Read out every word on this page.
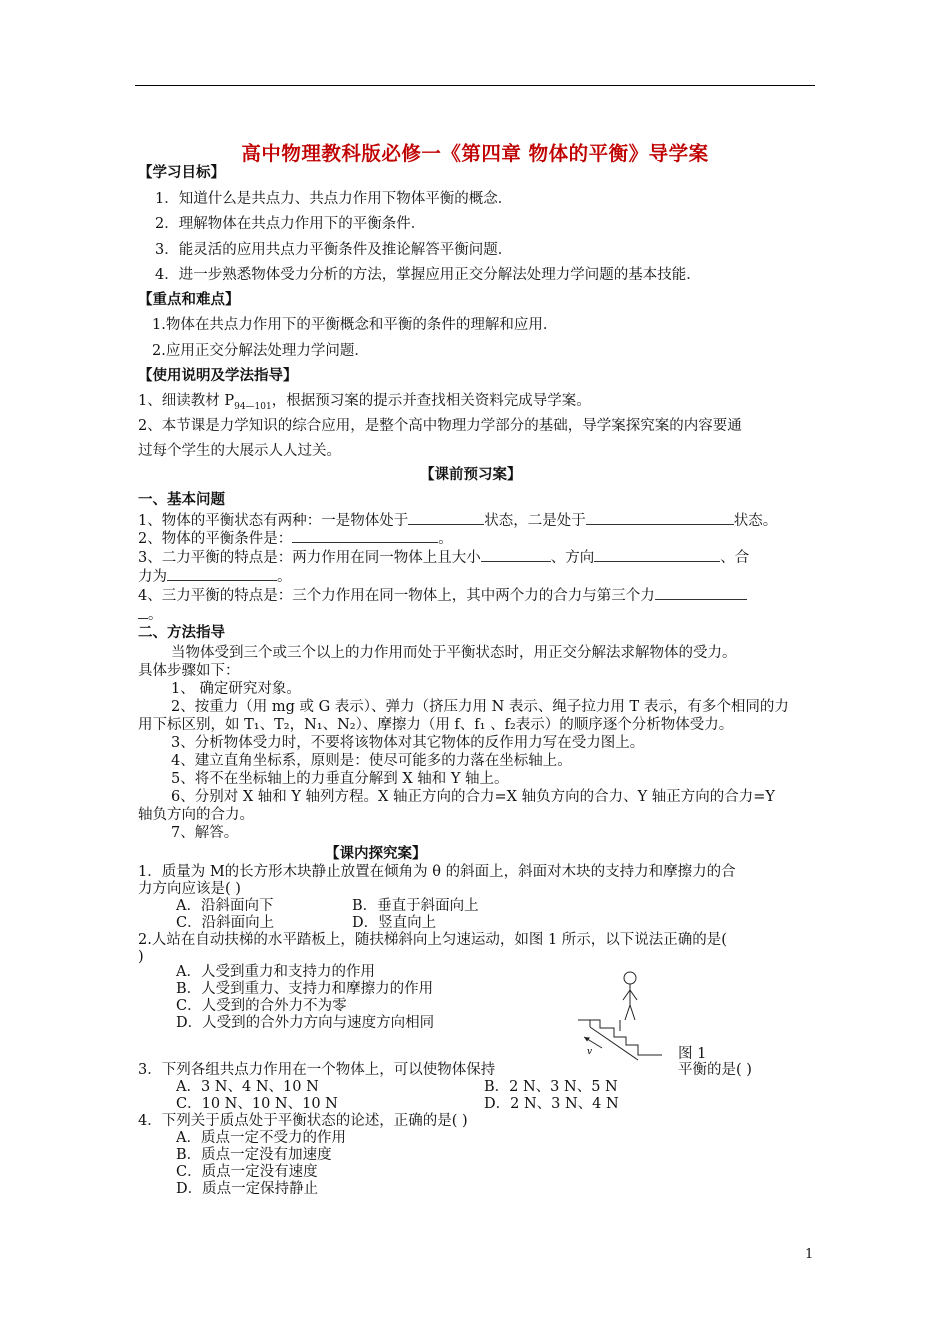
高中物理教科版必修一《第四章 物体的平衡》导学案
【学习目标】
1．知道什么是共点力、共点力作用下物体平衡的概念．
2．理解物体在共点力作用下的平衡条件．
3．能灵活的应用共点力平衡条件及推论解答平衡问题．
4．进一步熟悉物体受力分析的方法，掌握应用正交分解法处理力学问题的基本技能．
【重点和难点】
1.物体在共点力作用下的平衡概念和平衡的条件的理解和应用．
2.应用正交分解法处理力学问题．
【使用说明及学法指导】
1、细读教材 $P_{94—101}$，根据预习案的提示并查找相关资料完成导学案。
2、本节课是力学知识的综合应用，是整个高中物理力学部分的基础，导学案探究案的内容要通
过每个学生的大展示人人过关。
【课前预习案】
一、基本问题
1、物体的平衡状态有两种：一是物体处于	状态，二是处于	状态。
2、物体的平衡条件是：	。
3、二力平衡的特点是：两力作用在同一物体上且大小	、方向	、合
力为	。
4、三力平衡的特点是：三个力作用在同一物体上，其中两个力的合力与第三个力
。
二、方法指导
当物体受到三个或三个以上的力作用而处于平衡状态时，用正交分解法求解物体的受力。
具体步骤如下：
1、 确定研究对象。
2、按重力（用 mg 或 G 表示）、弹力（挤压力用 N 表示、绳子拉力用 T 表示，有多个相同的力
用下标区别，如 T₁、T₂，N₁、N₂）、摩擦力（用 f、f₁ 、f₂表示）的顺序逐个分析物体受力。
3、分析物体受力时，不要将该物体对其它物体的反作用力写在受力图上。
4、建立直角坐标系，原则是：使尽可能多的力落在坐标轴上。
5、将不在坐标轴上的力垂直分解到 X 轴和 Y 轴上。
6、分别对 X 轴和 Y 轴列方程。X 轴正方向的合力=X 轴负方向的合力、Y 轴正方向的合力=Y
轴负方向的合力。
7、解答。
【课内探究案】
1．质量为 M的长方形木块静止放置在倾角为 θ 的斜面上，斜面对木块的支持力和摩擦力的合
力方向应该是( )
A．沿斜面向下	B．垂直于斜面向上
C．沿斜面向上	D．竖直向上
2.人站在自动扶梯的水平踏板上，随扶梯斜向上匀速运动，如图 1 所示，以下说法正确的是(
)
A．人受到重力和支持力的作用
B．人受到重力、支持力和摩擦力的作用
C．人受到的合外力不为零
D．人受到的合外力方向与速度方向相同
v	图 1
3．下列各组共点力作用在一个物体上，可以使物体保持	平衡的是( )
A．3 N、4 N、10 N	B．2 N、3 N、5 N
C．10 N、10 N、10 N	D．2 N、3 N、4 N
4．下列关于质点处于平衡状态的论述，正确的是( )
A．质点一定不受力的作用
B．质点一定没有加速度
C．质点一定没有速度
D．质点一定保持静止
1
